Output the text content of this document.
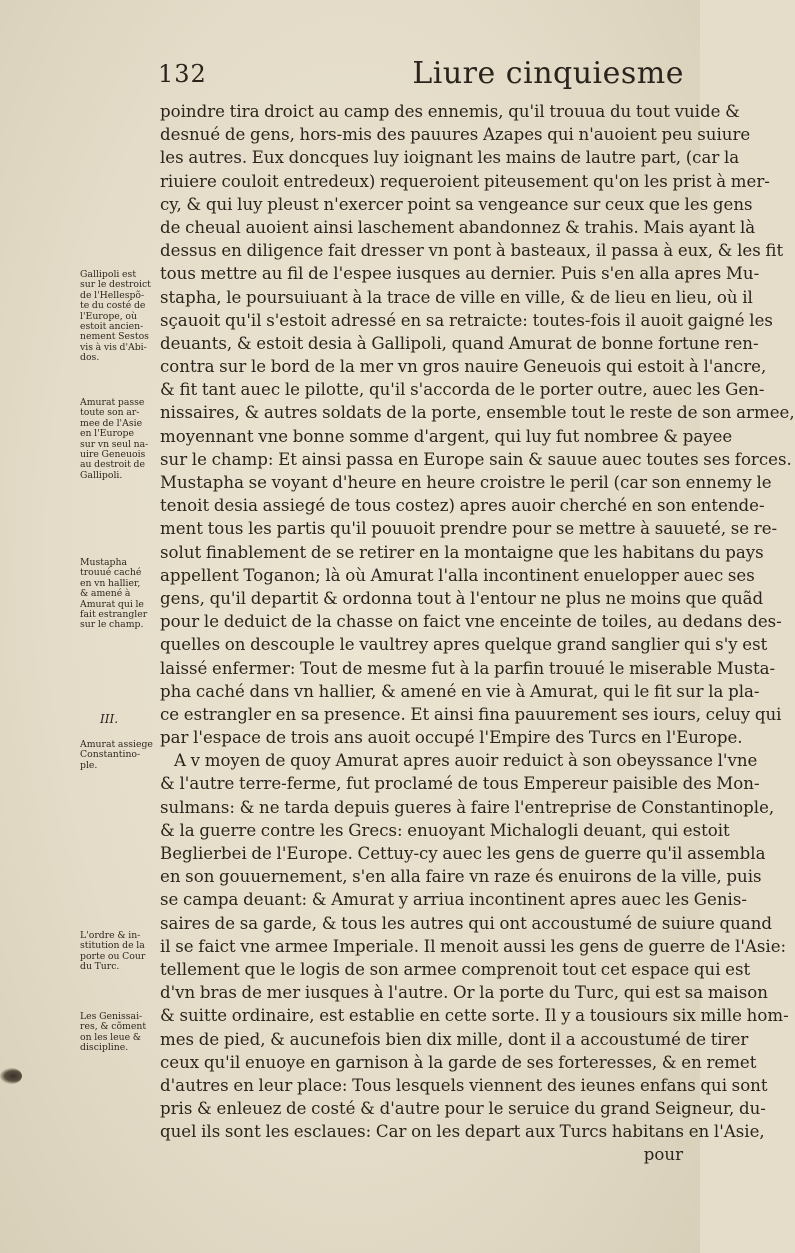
132	Liure cinquiesme
poindre tira droict au camp des ennemis, qu'il trouua du tout vuide &
desnué de gens, hors-mis des pauures Azapes qui n'auoient peu suiure
les autres. Eux doncques luy ioignant les mains de lautre part, (car la
riuiere couloit entredeux) requeroient piteusement qu'on les prist à mer-
cy, & qui luy pleust n'exercer point sa vengeance sur ceux que les gens
de cheual auoient ainsi laschement abandonnez & trahis. Mais ayant là
dessus en diligence fait dresser vn pont à basteaux, il passa à eux, & les fit
tous mettre au fil de l'espee iusques au dernier. Puis s'en alla apres Mu-
stapha, le poursuiuant à la trace de ville en ville, & de lieu en lieu, où il
sçauoit qu'il s'estoit adressé en sa retraicte: toutes-fois il auoit gaigné les
deuants, & estoit desia à Gallipoli, quand Amurat de bonne fortune ren-
contra sur le bord de la mer vn gros nauire Geneuois qui estoit à l'ancre,
& fit tant auec le pilotte, qu'il s'accorda de le porter outre, auec les Gen-
nissaires, & autres soldats de la porte, ensemble tout le reste de son armee,
moyennant vne bonne somme d'argent, qui luy fut nombree & payee
sur le champ: Et ainsi passa en Europe sain & sauue auec toutes ses forces.
Mustapha se voyant d'heure en heure croistre le peril (car son ennemy le
tenoit desia assiegé de tous costez) apres auoir cherché en son entende-
ment tous les partis qu'il pouuoit prendre pour se mettre à sauueté, se re-
solut finablement de se retirer en la montaigne que les habitans du pays
appellent Toganon; là où Amurat l'alla incontinent enuelopper auec ses
gens, qu'il departit & ordonna tout à l'entour ne plus ne moins que quãd
pour le deduict de la chasse on faict vne enceinte de toiles, au dedans des-
quelles on descouple le vaultrey apres quelque grand sanglier qui s'y est
laissé enfermer: Tout de mesme fut à la parfin trouué le miserable Musta-
pha caché dans vn hallier, & amené en vie à Amurat, qui le fit sur la pla-
ce estrangler en sa presence. Et ainsi fina pauurement ses iours, celuy qui
par l'espace de trois ans auoit occupé l'Empire des Turcs en l'Europe.
A v moyen de quoy Amurat apres auoir reduict à son obeyssance l'vne
& l'autre terre-ferme, fut proclamé de tous Empereur paisible des Mon-
sulmans: & ne tarda depuis gueres à faire l'entreprise de Constantinople,
& la guerre contre les Grecs: enuoyant Michalogli deuant, qui estoit
Beglierbei de l'Europe. Cettuy-cy auec les gens de guerre qu'il assembla
en son gouuernement, s'en alla faire vn raze és enuirons de la ville, puis
se campa deuant: & Amurat y arriua incontinent apres auec les Genis-
saires de sa garde, & tous les autres qui ont accoustumé de suiure quand
il se faict vne armee Imperiale. Il menoit aussi les gens de guerre de l'Asie:
tellement que le logis de son armee comprenoit tout cet espace qui est
d'vn bras de mer iusques à l'autre. Or la porte du Turc, qui est sa maison
& suitte ordinaire, est establie en cette sorte. Il y a tousiours six mille hom-
mes de pied, & aucunefois bien dix mille, dont il a accoustumé de tirer
ceux qu'il enuoye en garnison à la garde de ses forteresses, & en remet
d'autres en leur place: Tous lesquels viennent des ieunes enfans qui sont
pris & enleuez de costé & d'autre pour le seruice du grand Seigneur, du-
quel ils sont les esclaues: Car on les depart aux Turcs habitans en l'Asie,
pour
Gallipoli est
sur le destroict
de l'Hellespõ-
te du costé de
l'Europe, où
estoit ancien-
nement Sestos
vis à vis d'Abi-
dos.
Amurat passe
toute son ar-
mee de l'Asie
en l'Europe
sur vn seul na-
uire Geneuois
au destroit de
Gallipoli.
Mustapha
trouué caché
en vn hallier,
& amené à
Amurat qui le
fait estrangler
sur le champ.
Amurat assiege
Constantino-
ple.
L'ordre & in-
stitution de la
porte ou Cour
du Turc.
Les Genissai-
res, & cõment
on les leue &
discipline.
III.
